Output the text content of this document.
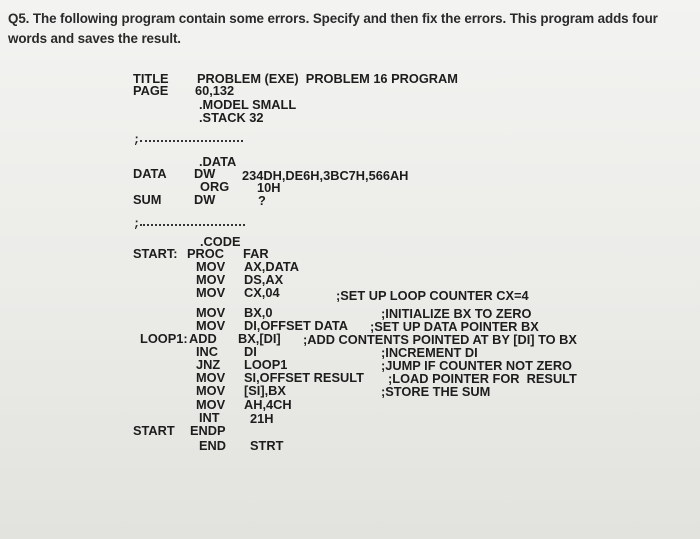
Q5. The following program contain some errors. Specify and then fix the errors. This program adds four words and saves the result.
TITLE PROBLEM (EXE)  PROBLEM 16 PROGRAM
PAGE 60,132
.MODEL SMALL
.STACK 32
;
.DATA
DATA DW 234DH,DE6H,3BC7H,566AH
ORG 10H
SUM	DW	?
;
.CODE
START: PROC FAR
MOV AX,DATA
MOV DS,AX
MOV CX,04	;SET UP LOOP COUNTER CX=4
MOV BX,0	;INITIALIZE BX TO ZERO
MOV DI,OFFSET DATA ;SET UP DATA POINTER BX
LOOP1: ADD BX,[DI] ;ADD CONTENTS POINTED AT BY [DI] TO BX
INC DI	;INCREMENT DI
JNZ LOOP1	;JUMP IF COUNTER NOT ZERO
MOV SI,OFFSET RESULT ;LOAD POINTER FOR  RESULT
MOV [SI],BX	;STORE THE SUM
MOV AH,4CH
INT 21H
START ENDP
END STRT
